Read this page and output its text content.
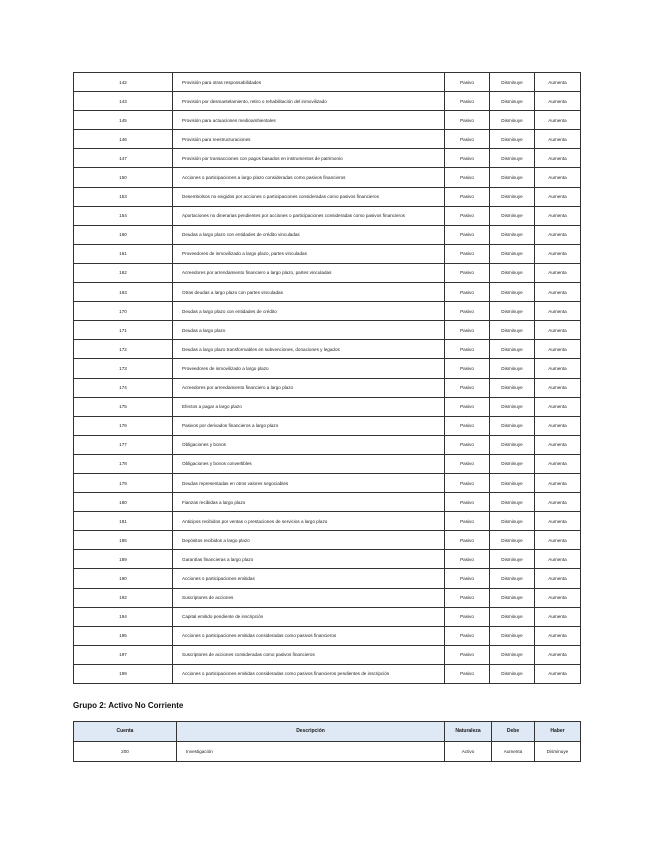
142	Provisión para otras responsabilidades	Pasivo	Disminuye	Aumenta
143	Provisión por desmantelamiento, retiro o rehabilitación del inmovilizado	Pasivo	Disminuye	Aumenta
145	Provisión para actuaciones medioambientales	Pasivo	Disminuye	Aumenta
146	Provisión para reestructuraciones	Pasivo	Disminuye	Aumenta
147	Provisión por transacciones con pagos basados en instrumentos de patrimonio	Pasivo	Disminuye	Aumenta
150	Acciones o participaciones a largo plazo consideradas como pasivos financieros	Pasivo	Disminuye	Aumenta
153	Desembolsos no exigidos por acciones o participaciones consideradas como pasivos financieros	Pasivo	Disminuye	Aumenta
154	Aportaciones no dinerarias pendientes por acciones o participaciones consideradas como pasivos financieros	Pasivo	Disminuye	Aumenta
160	Deudas a largo plazo con entidades de crédito vinculadas	Pasivo	Disminuye	Aumenta
161	Proveedores de inmovilizado a largo plazo, partes vinculadas	Pasivo	Disminuye	Aumenta
162	Acreedores por arrendamiento financiero a largo plazo, partes vinculadas	Pasivo	Disminuye	Aumenta
163	Otras deudas a largo plazo con partes vinculadas	Pasivo	Disminuye	Aumenta
170	Deudas a largo plazo con entidades de crédito	Pasivo	Disminuye	Aumenta
171	Deudas a largo plazo	Pasivo	Disminuye	Aumenta
172	Deudas a largo plazo transformables en subvenciones, donaciones y legados	Pasivo	Disminuye	Aumenta
173	Proveedores de inmovilizado a largo plazo	Pasivo	Disminuye	Aumenta
174	Acreedores por arrendamiento financiero a largo plazo	Pasivo	Disminuye	Aumenta
175	Efectos a pagar a largo plazo	Pasivo	Disminuye	Aumenta
176	Pasivos por derivados financieros a largo plazo	Pasivo	Disminuye	Aumenta
177	Obligaciones y bonos	Pasivo	Disminuye	Aumenta
178	Obligaciones y bonos convertibles	Pasivo	Disminuye	Aumenta
179	Deudas representadas en otros valores negociables	Pasivo	Disminuye	Aumenta
180	Fianzas recibidas a largo plazo	Pasivo	Disminuye	Aumenta
181	Anticipos recibidos por ventas o prestaciones de servicios a largo plazo	Pasivo	Disminuye	Aumenta
185	Depósitos recibidos a largo plazo	Pasivo	Disminuye	Aumenta
189	Garantías financieras a largo plazo	Pasivo	Disminuye	Aumenta
190	Acciones o participaciones emitidas	Pasivo	Disminuye	Aumenta
192	Suscriptores de acciones	Pasivo	Disminuye	Aumenta
194	Capital emitido pendiente de inscripción	Pasivo	Disminuye	Aumenta
195	Acciones o participaciones emitidas consideradas como pasivos financieros	Pasivo	Disminuye	Aumenta
197	Suscriptores de acciones consideradas como pasivos financieros	Pasivo	Disminuye	Aumenta
199	Acciones o participaciones emitidas consideradas como pasivos financieros pendientes de inscripción	Pasivo	Disminuye	Aumenta
Grupo 2: Activo No Corriente
Cuenta	Descripción	Naturaleza	Debe	Haber
200	Investigación	Activo	Aumenta	Disminuye
